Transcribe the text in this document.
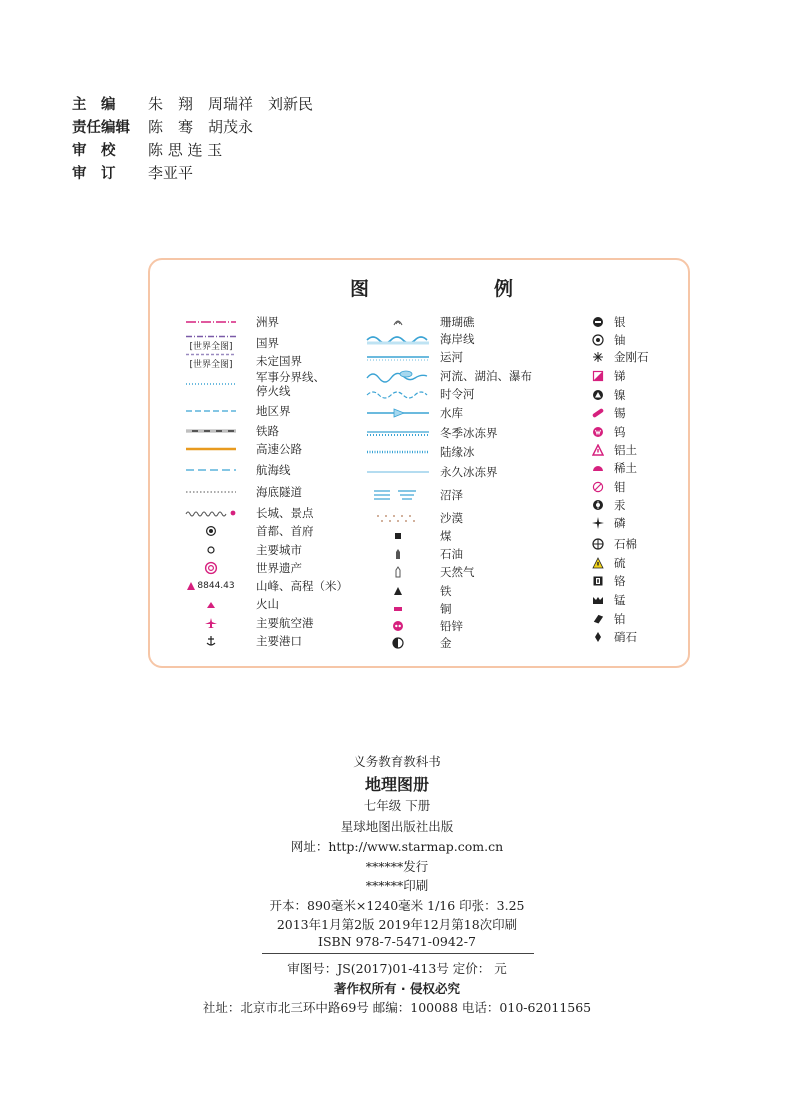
主　编	朱　翔　周瑞祥　刘新民
责任编辑	陈　骞　胡茂永
审　校	陈 思 连 玉
审　订	李亚平
图	例
洲界
[世界全图] 国界
[世界全图] 未定国界
军事分界线、
停火线
地区界
铁路
高速公路
航海线
海底隧道
长城、景点
首都、首府
主要城市
世界遗产
8844.43 山峰、高程（米）
火山
主要航空港
主要港口
珊瑚礁
海岸线
运河
河流、湖泊、瀑布
时令河
水库
冬季冰冻界
陆缘冰
永久冰冻界
沼泽
沙漠
煤
石油
天然气
铁
铜
铅锌
金
银
铀
金刚石
锑
镍
锡
钨
铝土
稀土
钼
汞
磷
石棉
硫
铬
锰
铂
硝石
义务教育教科书
地理图册
七年级 下册
星球地图出版社出版
网址：http://www.starmap.com.cn
******发行
******印刷
开本：890毫米×1240毫米 1/16 印张：3.25
2013年1月第2版 2019年12月第18次印刷
ISBN 978-7-5471-0942-7
审图号：JS(2017)01-413号 定价： 元
著作权所有 · 侵权必究
社址：北京市北三环中路69号 邮编：100088 电话：010-62011565
